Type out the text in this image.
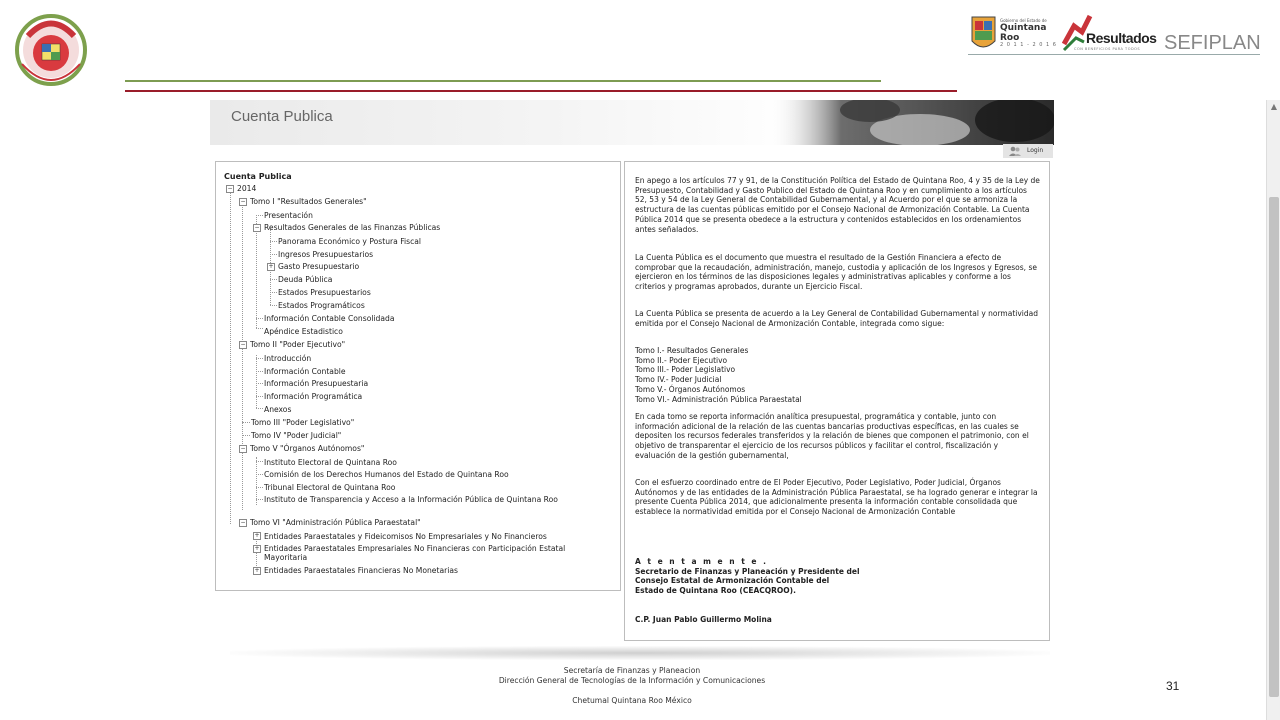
Gobierno del Estado de
Quintana Roo
2 0 1 1 - 2 0 1 6 Resultados
CON BENEFICIOS PARA TODOS SEFIPLAN
Cuenta Publica
Login
Cuenta Publica
− 2014
− Tomo I "Resultados Generales"
Presentación
− Resultados Generales de las Finanzas Públicas
Panorama Económico y Postura Fiscal
Ingresos Presupuestarios
+ Gasto Presupuestario
Deuda Pública
Estados Presupuestarios
Estados Programáticos
Información Contable Consolidada
Apéndice Estadistico
− Tomo II "Poder Ejecutivo"
Introducción
Información Contable
Información Presupuestaria
Información Programática
Anexos
Tomo III "Poder Legislativo"
Tomo IV "Poder Judicial"
− Tomo V "Órganos Autónomos"
Instituto Electoral de Quintana Roo
Comisión de los Derechos Humanos del Estado de Quintana Roo
Tribunal Electoral de Quintana Roo
Instituto de Transparencia y Acceso a la Información Pública de Quintana Roo
− Tomo VI "Administración Pública Paraestatal"
+ Entidades Paraestatales y Fideicomisos No Empresariales y No Financieros
+ Entidades Paraestatales Empresariales No Financieras con Participación Estatal Mayoritaria
+ Entidades Paraestatales Financieras No Monetarias

En apego a los artículos 77 y 91, de la Constitución Política del Estado de Quintana Roo, 4 y 35 de la Ley de Presupuesto, Contabilidad y Gasto Publico del Estado de Quintana Roo y en cumplimiento a los artículos 52, 53 y 54 de la Ley General de Contabilidad Gubernamental, y al Acuerdo por el que se armoniza la estructura de las cuentas públicas emitido por el Consejo Nacional de Armonización Contable. La Cuenta Pública 2014 que se presenta obedece a la estructura y contenidos establecidos en los ordenamientos antes señalados.

La Cuenta Pública es el documento que muestra el resultado de la Gestión Financiera a efecto de comprobar que la recaudación, administración, manejo, custodia y aplicación de los Ingresos y Egresos, se ejercieron en los términos de las disposiciones legales y administrativas aplicables y conforme a los criterios y programas aprobados, durante un Ejercicio Fiscal.

La Cuenta Pública se presenta de acuerdo a la Ley General de Contabilidad Gubernamental y normatividad emitida por el Consejo Nacional de Armonización Contable, integrada como sigue:

Tomo I.- Resultados Generales
Tomo II.- Poder Ejecutivo
Tomo III.- Poder Legislativo
Tomo IV.- Poder Judicial
Tomo V.- Órganos Autónomos
Tomo VI.- Administración Pública Paraestatal

En cada tomo se reporta información analítica presupuestal, programática y contable, junto con información adicional de la relación de las cuentas bancarias productivas específicas, en las cuales se depositen los recursos federales transferidos y la relación de bienes que componen el patrimonio, con el objetivo de transparentar el ejercicio de los recursos públicos y facilitar el control, fiscalización y evaluación de la gestión gubernamental,

Con el esfuerzo coordinado entre de El Poder Ejecutivo, Poder Legislativo, Poder Judicial, Órganos Autónomos y de las entidades de la Administración Pública Paraestatal, se ha logrado generar e integrar la presente Cuenta Pública 2014, que adicionalmente presenta la información contable consolidada que establece la normatividad emitida por el Consejo Nacional de Armonización Contable

A t e n t a m e n t e .
Secretario de Finanzas y Planeación y Presidente del
Consejo Estatal de Armonización Contable del
Estado de Quintana Roo (CEACQROO).
C.P. Juan Pablo Guillermo Molina
Secretaría de Finanzas y Planeacion
Dirección General de Tecnologías de la Información y Comunicaciones
Chetumal Quintana Roo México
▲
31
